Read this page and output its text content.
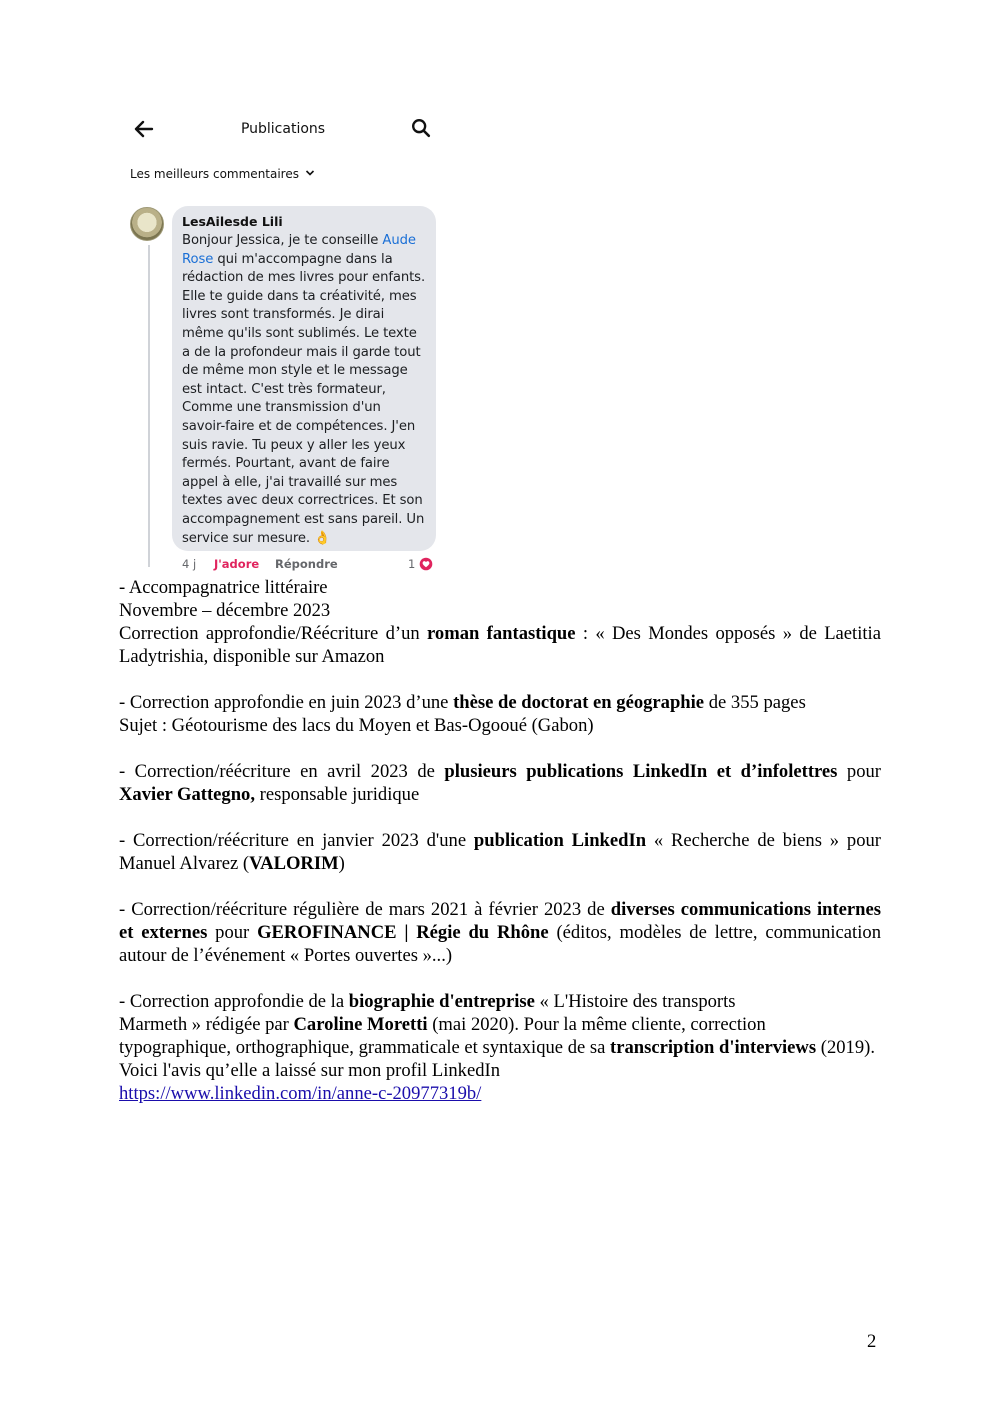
Publications
Les meilleurs commentaires
LesAilesde Lili
Bonjour Jessica, je te conseille Aude Rose qui m'accompagne dans la rédaction de mes livres pour enfants. Elle te guide dans ta créativité, mes livres sont transformés. Je dirai même qu'ils sont sublimés. Le texte a de la profondeur mais il garde tout de même mon style et le message est intact. C'est très formateur, Comme une transmission d'un savoir-faire et de compétences. J'en suis ravie. Tu peux y aller les yeux fermés. Pourtant, avant de faire appel à elle, j'ai travaillé sur mes textes avec deux correctrices. Et son accompagnement est sans pareil. Un service sur mesure. 👌
4 j J'adore Répondre	1

- Accompagnatrice littéraire

Novembre – décembre 2023

Correction approfondie/Réécriture d’un roman fantastique : « Des Mondes opposés » de Laetitia Ladytrishia, disponible sur Amazon

- Correction approfondie en juin 2023 d’une thèse de doctorat en géographie de 355 pages

Sujet : Géotourisme des lacs du Moyen et Bas-Ogooué (Gabon)

- Correction/réécriture en avril 2023 de plusieurs publications LinkedIn et d’infolettres pour Xavier Gattegno, responsable juridique

- Correction/réécriture en janvier 2023 d'une publication LinkedIn « Recherche de biens » pour Manuel Alvarez (VALORIM)

- Correction/réécriture régulière de mars 2021 à février 2023 de diverses communications internes et externes pour GEROFINANCE | Régie du Rhône (éditos, modèles de lettre, communication autour de l’événement « Portes ouvertes »...)

- Correction approfondie de la biographie d'entreprise « L'Histoire des transports

Marmeth » rédigée par Caroline Moretti (mai 2020). Pour la même cliente, correction typographique, orthographique, grammaticale et syntaxique de sa transcription d'interviews (2019). Voici l'avis qu’elle a laissé sur mon profil LinkedIn

https://www.linkedin.com/in/anne-c-20977319b/

2
